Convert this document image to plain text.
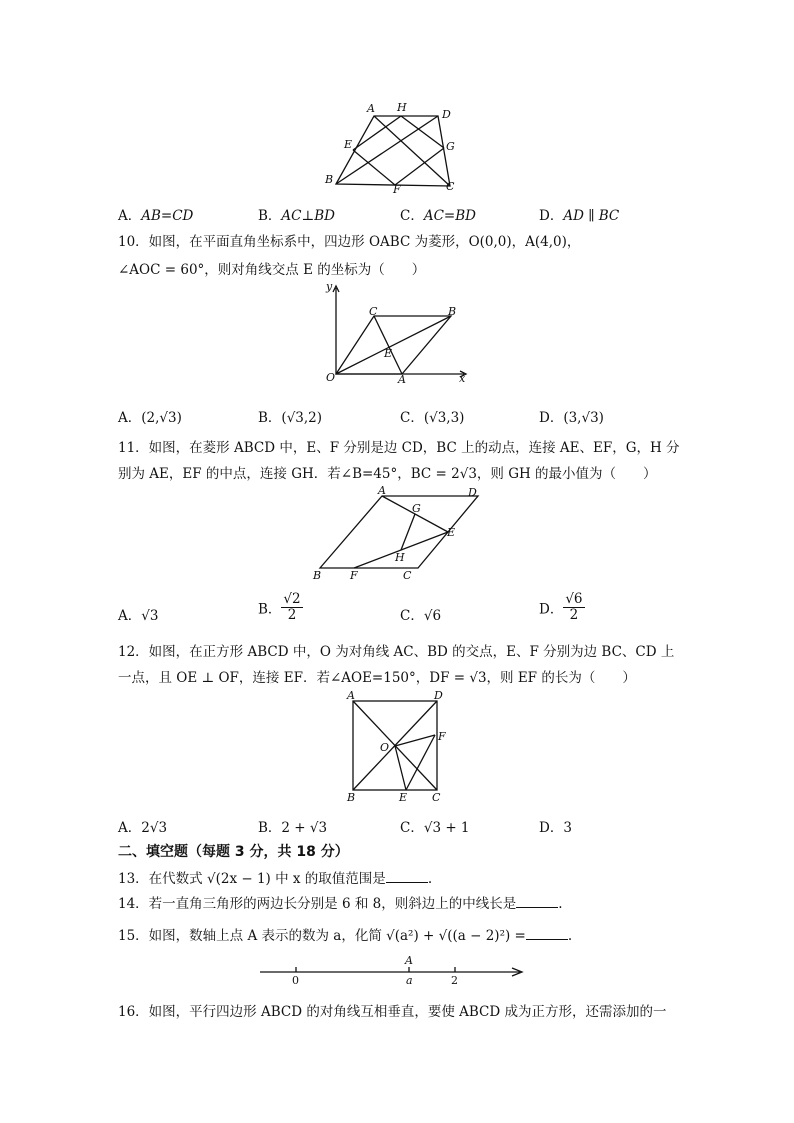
A H
D
E	G
B
F	C
A．AB=CD	B．AC⊥BD	C．AC=BD	D．AD ∥ BC
10．如图，在平面直角坐标系中，四边形 OABC 为菱形，O(0,0)，A(4,0)，
∠AOC = 60°，则对角线交点 E 的坐标为（　　）
y
x
O	A
B
C
E
A．(2,√3)	B．(√3,2)	C．(√3,3)	D．(3,√3)
11．如图，在菱形 ABCD 中，E、F 分别是边 CD，BC 上的动点，连接 AE、EF，G，H 分
别为 AE，EF 的中点，连接 GH．若∠B=45°，BC = 2√3，则 GH 的最小值为（　　）
A	D
G
E
H
B	F	C
A．√3	B． $\frac{√2}{2}$	C．√6	D． $\frac{√6}{2}$
12．如图，在正方形 ABCD 中，O 为对角线 AC、BD 的交点，E、F 分别为边 BC、CD 上
一点，且 OE ⊥ OF，连接 EF．若∠AOE=150°，DF = √3，则 EF 的长为（　　）
A	D
F
O
B	E C
A．2√3	B．2 + √3	C．√3 + 1	D．3
二、填空题（每题 3 分，共 18 分）
13．在代数式 √(2x − 1) 中 x 的取值范围是	.
14．若一直角三角形的两边长分别是 6 和 8，则斜边上的中线长是	.
15．如图，数轴上点 A 表示的数为 a，化简 √(a²) + √((a − 2)²) =	.
0
A
a	2
16．如图，平行四边形 ABCD 的对角线互相垂直，要使 ABCD 成为正方形，还需添加的一
